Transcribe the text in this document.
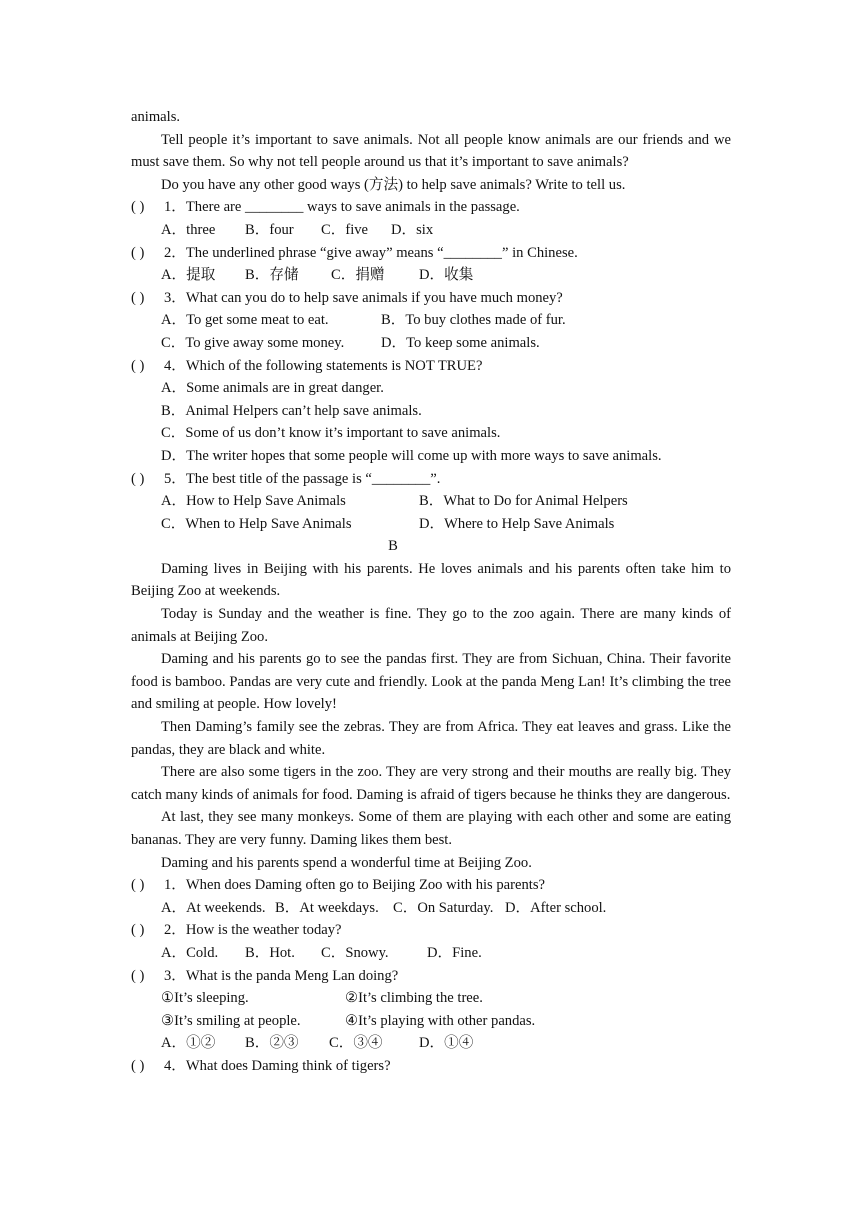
animals.

Tell people it’s important to save animals. Not all people know animals are our friends and we must save them. So why not tell people around us that it’s important to save animals?

Do you have any other good ways (方法) to help save animals? Write to tell us.

( ) 1．There are ________ ways to save animals in the passage.

A．three B．four C．five D．six

( ) 2．The underlined phrase “give away” means “________” in Chinese.

A．提取 B．存储 C．捐赠 D．收集

( ) 3．What can you do to help save animals if you have much money?

A．To get some meat to eat.	B．To buy clothes made of fur.

C．To give away some money.	D．To keep some animals.

( ) 4．Which of the following statements is NOT TRUE?

A．Some animals are in great danger.

B．Animal Helpers can’t help save animals.

C．Some of us don’t know it’s important to save animals.

D．The writer hopes that some people will come up with more ways to save animals.

( ) 5．The best title of the passage is “________”.

A．How to Help Save Animals	B．What to Do for Animal Helpers

C．When to Help Save Animals	D．Where to Help Save Animals

B

Daming lives in Beijing with his parents. He loves animals and his parents often take him to Beijing Zoo at weekends.

Today is Sunday and the weather is fine. They go to the zoo again. There are many kinds of animals at Beijing Zoo.

Daming and his parents go to see the pandas first. They are from Sichuan, China. Their favorite food is bamboo. Pandas are very cute and friendly. Look at the panda Meng Lan! It’s climbing the tree and smiling at people. How lovely!

Then Daming’s family see the zebras. They are from Africa. They eat leaves and grass. Like the pandas, they are black and white.

There are also some tigers in the zoo. They are very strong and their mouths are really big. They catch many kinds of animals for food. Daming is afraid of tigers because he thinks they are dangerous.

At last, they see many monkeys. Some of them are playing with each other and some are eating bananas. They are very funny. Daming likes them best.

Daming and his parents spend a wonderful time at Beijing Zoo.

( ) 1．When does Daming often go to Beijing Zoo with his parents?

A．At weekends. B．At weekdays. C．On Saturday. D．After school.

( ) 2．How is the weather today?

A．Cold. B．Hot. C．Snowy.	D．Fine.

( ) 3．What is the panda Meng Lan doing?

①It’s sleeping.	②It’s climbing the tree.

③It’s smiling at people.	④It’s playing with other pandas.

A．①② B．②③ C．③④ D．①④

( ) 4．What does Daming think of tigers?
